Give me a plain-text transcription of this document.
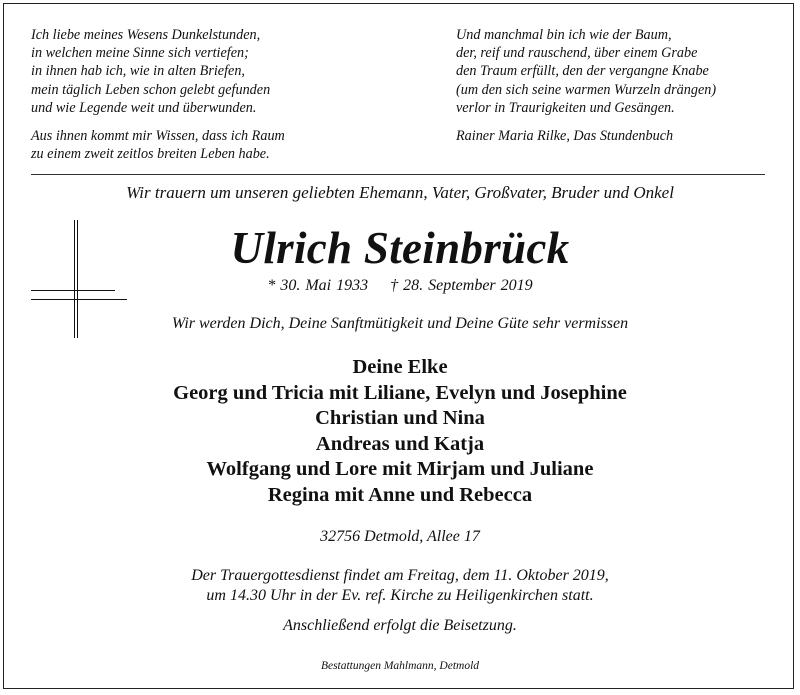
Ich liebe meines Wesens Dunkelstunden,
in welchen meine Sinne sich vertiefen;
in ihnen hab ich, wie in alten Briefen,
mein täglich Leben schon gelebt gefunden
und wie Legende weit und überwunden.

Aus ihnen kommt mir Wissen, dass ich Raum
zu einem zweit zeitlos breiten Leben habe.

Und manchmal bin ich wie der Baum,
der, reif und rauschend, über einem Grabe
den Traum erfüllt, den der vergangne Knabe
(um den sich seine warmen Wurzeln drängen)
verlor in Traurigkeiten und Gesängen.

Rainer Maria Rilke, Das Stundenbuch
Wir trauern um unseren geliebten Ehemann, Vater, Großvater, Bruder und Onkel
Ulrich Steinbrück
* 30. Mai 1933 † 28. September 2019
Wir werden Dich, Deine Sanftmütigkeit und Deine Güte sehr vermissen
Deine Elke
Georg und Tricia mit Liliane, Evelyn und Josephine
Christian und Nina
Andreas und Katja
Wolfgang und Lore mit Mirjam und Juliane
Regina mit Anne und Rebecca
32756 Detmold, Allee 17
Der Trauergottesdienst findet am Freitag, dem 11. Oktober 2019,
um 14.30 Uhr in der Ev. ref. Kirche zu Heiligenkirchen statt.
Anschließend erfolgt die Beisetzung.
Bestattungen Mahlmann, Detmold
